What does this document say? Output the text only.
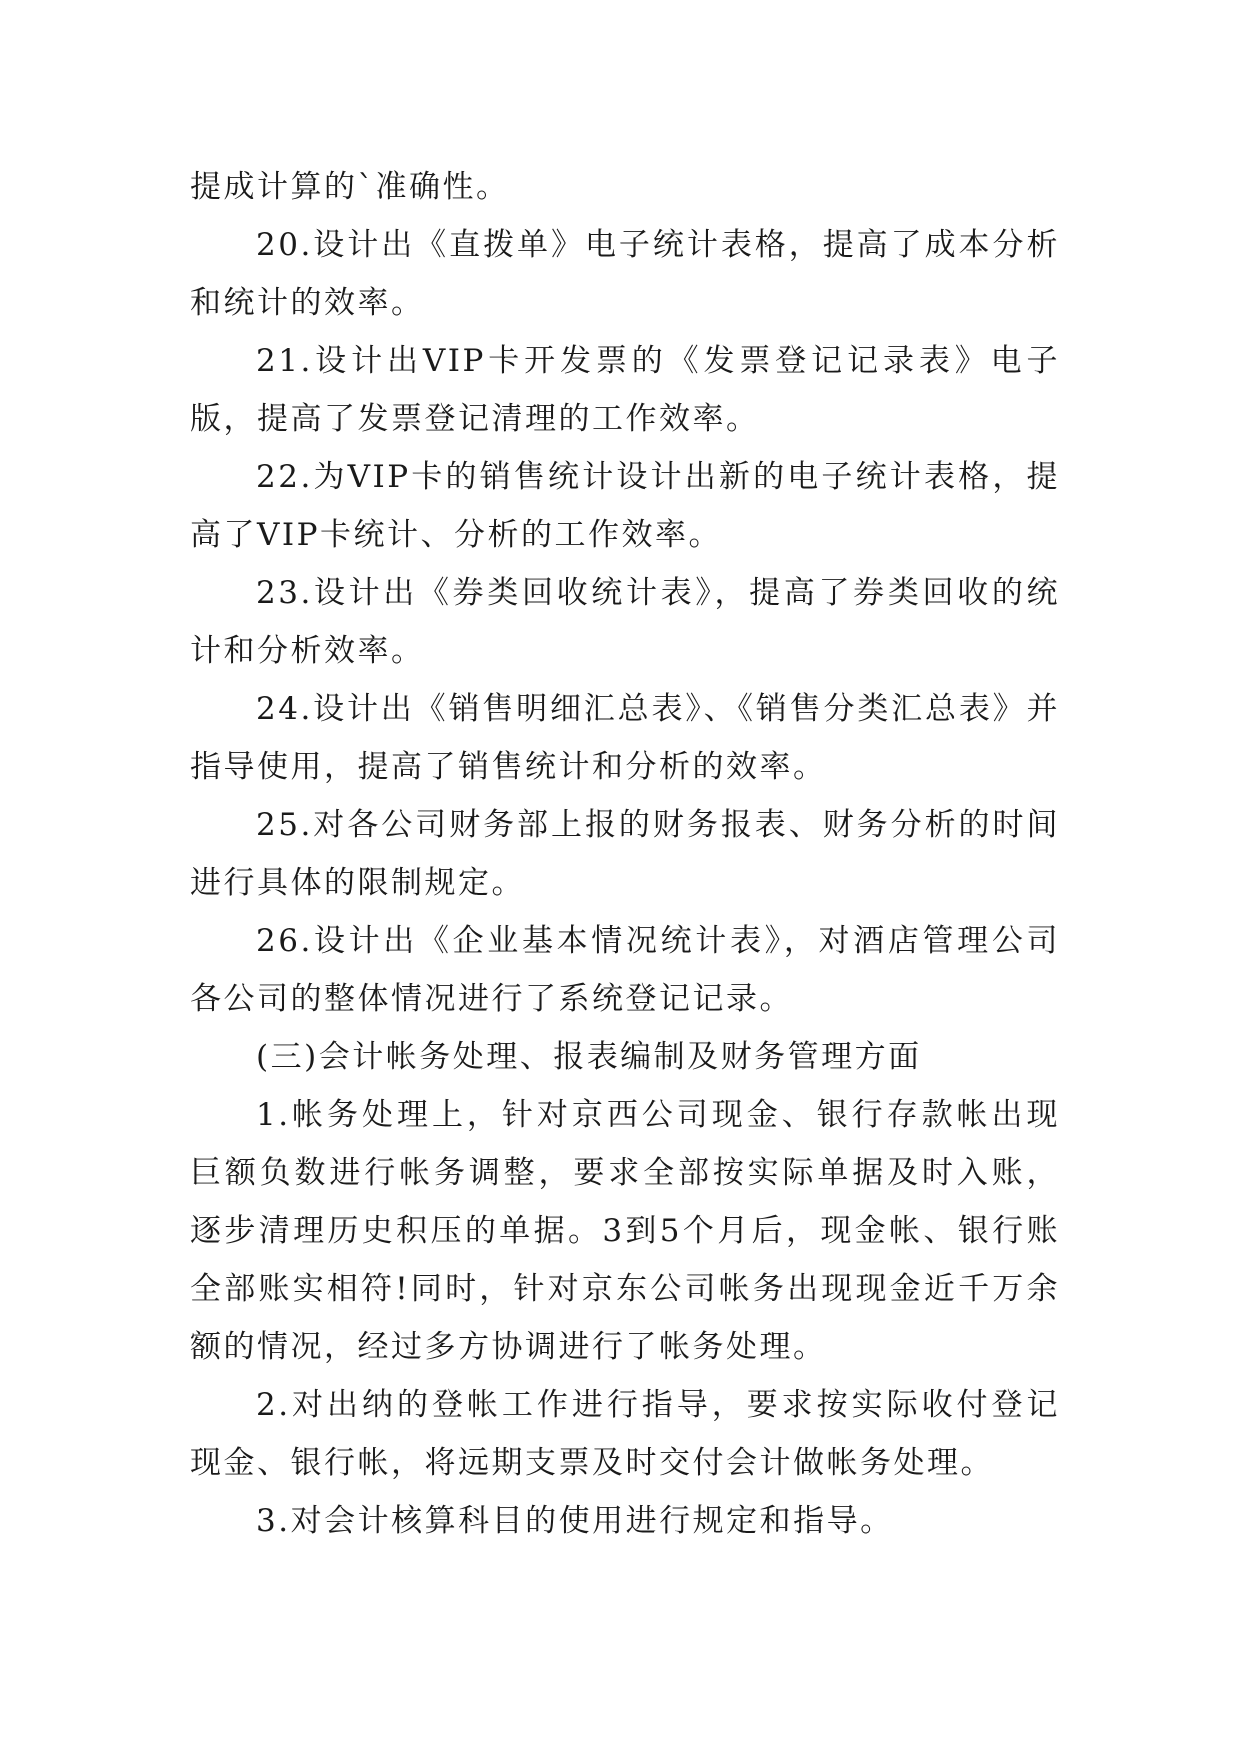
提成计算的`准确性。

20.设计出《直拨单》电子统计表格，提高了成本分析和统计的效率。

21.设计出VIP卡开发票的《发票登记记录表》电子版，提高了发票登记清理的工作效率。

22.为VIP卡的销售统计设计出新的电子统计表格，提高了VIP卡统计、分析的工作效率。

23.设计出《券类回收统计表》，提高了券类回收的统计和分析效率。

24.设计出《销售明细汇总表》、《销售分类汇总表》并指导使用，提高了销售统计和分析的效率。

25.对各公司财务部上报的财务报表、财务分析的时间进行具体的限制规定。

26.设计出《企业基本情况统计表》，对酒店管理公司各公司的整体情况进行了系统登记记录。

(三)会计帐务处理、报表编制及财务管理方面

1.帐务处理上，针对京西公司现金、银行存款帐出现巨额负数进行帐务调整，要求全部按实际单据及时入账，逐步清理历史积压的单据。3到5个月后，现金帐、银行账全部账实相符!同时，针对京东公司帐务出现现金近千万余额的情况，经过多方协调进行了帐务处理。

2.对出纳的登帐工作进行指导，要求按实际收付登记现金、银行帐，将远期支票及时交付会计做帐务处理。

3.对会计核算科目的使用进行规定和指导。
